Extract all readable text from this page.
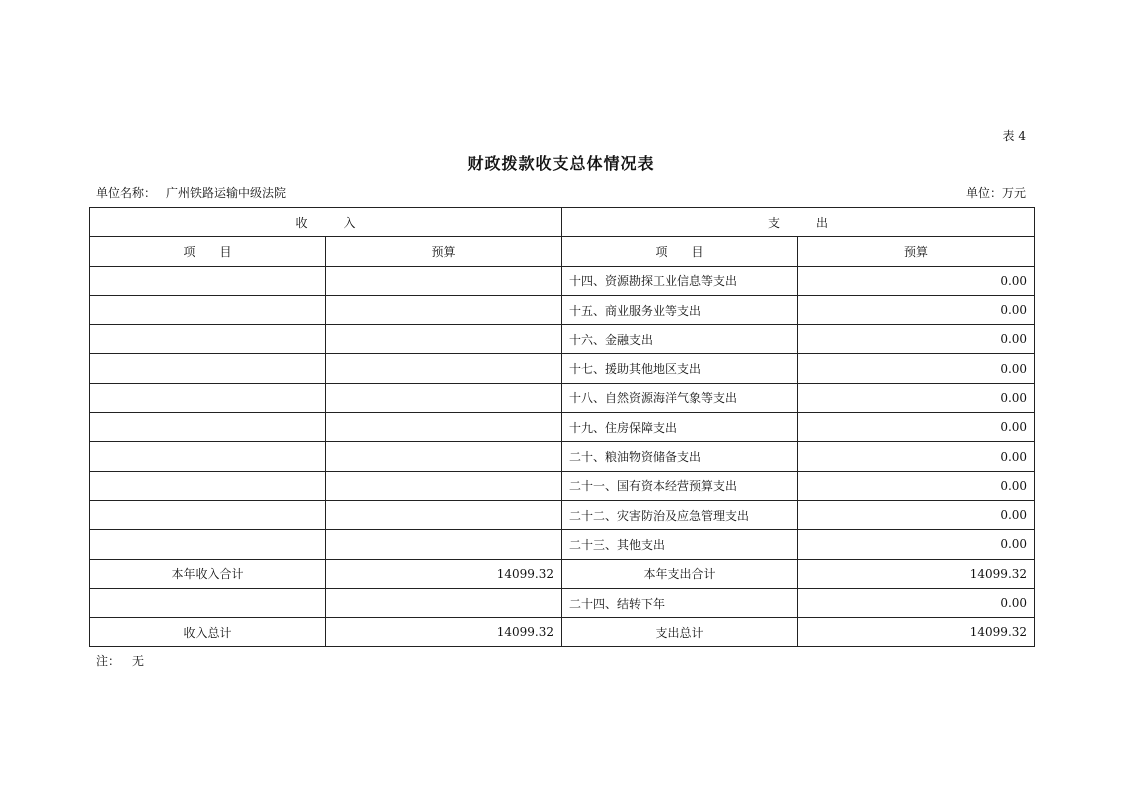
表 4
财政拨款收支总体情况表
单位名称： 广州铁路运输中级法院	单位：万元
收　　　入		支　　　出	
项　　目	预算	项　　目	预算
		十四、资源勘探工业信息等支出	0.00
		十五、商业服务业等支出	0.00
		十六、金融支出	0.00
		十七、援助其他地区支出	0.00
		十八、自然资源海洋气象等支出	0.00
		十九、住房保障支出	0.00
		二十、粮油物资储备支出	0.00
		二十一、国有资本经营预算支出	0.00
		二十二、灾害防治及应急管理支出	0.00
		二十三、其他支出	0.00
本年收入合计	14099.32	本年支出合计	14099.32
		二十四、结转下年	0.00
收入总计	14099.32	支出总计	14099.32
注： 无
